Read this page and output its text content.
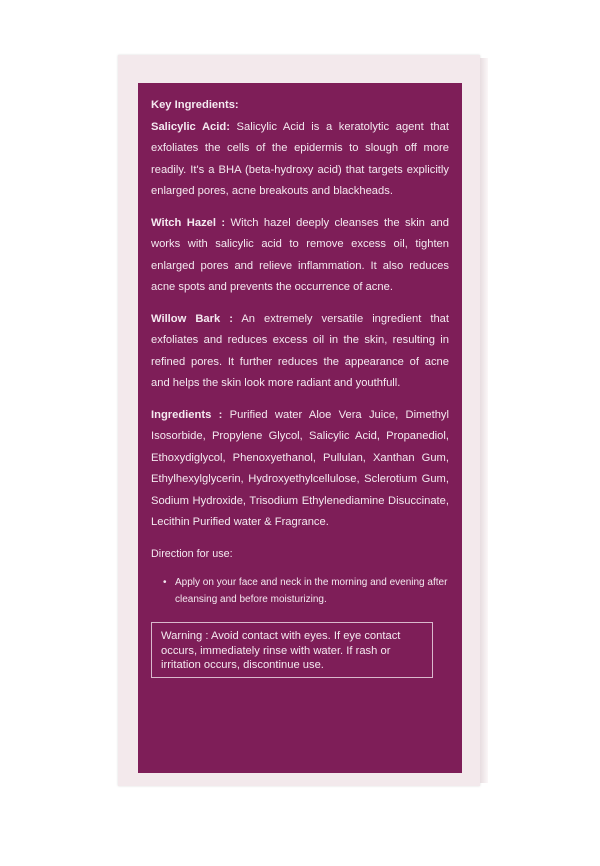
Key Ingredients:

Salicylic Acid: Salicylic Acid is a keratolytic agent that exfoliates the cells of the epidermis to slough off more readily. It's a BHA (beta-hydroxy acid) that targets explicitly enlarged pores, acne breakouts and blackheads.

Witch Hazel : Witch hazel deeply cleanses the skin and works with salicylic acid to remove excess oil, tighten enlarged pores and relieve inflammation. It also reduces acne spots and prevents the occurrence of acne.

Willow Bark : An extremely versatile ingredient that exfoliates and reduces excess oil in the skin, resulting in refined pores. It further reduces the appearance of acne and helps the skin look more radiant and youthfull.

Ingredients : Purified water Aloe Vera Juice, Dimethyl Isosorbide, Propylene Glycol, Salicylic Acid, Propanediol, Ethoxydiglycol, Phenoxyethanol, Pullulan, Xanthan Gum, Ethylhexylglycerin, Hydroxyethylcellulose, Sclerotium Gum, Sodium Hydroxide, Trisodium Ethylenediamine Disuccinate, Lecithin Purified water & Fragrance.

Direction for use:
• Apply on your face and neck in the morning and evening after cleansing and before moisturizing.
Warning : Avoid contact with eyes. If eye contact occurs, immediately rinse with water. If rash or irritation occurs, discontinue use.
